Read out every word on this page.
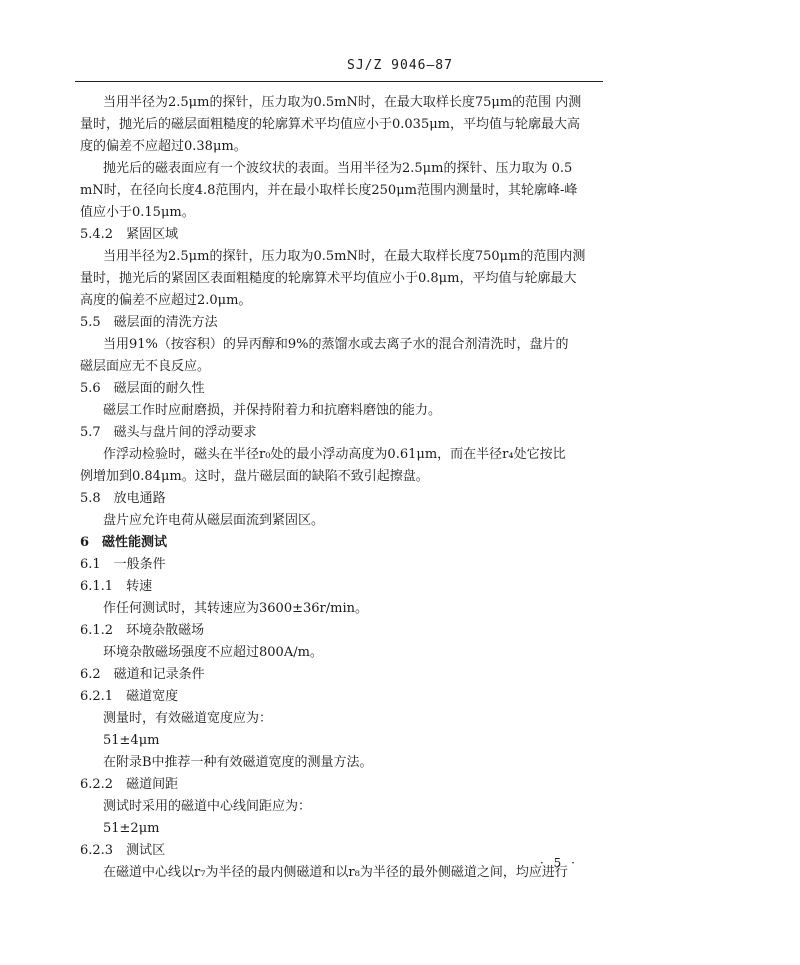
SJ/Z 9046—87
当用半径为2.5μm的探针，压力取为0.5mN时，在最大取样长度75μm的范围 内测
量时，抛光后的磁层面粗糙度的轮廓算术平均值应小于0.035μm，平均值与轮廓最大高
度的偏差不应超过0.38μm。
抛光后的磁表面应有一个波纹状的表面。当用半径为2.5μm的探针、压力取为 0.5
mN时，在径向长度4.8范围内，并在最小取样长度250μm范围内测量时，其轮廓峰-峰
值应小于0.15μm。
5.4.2　紧固区域
当用半径为2.5μm的探针，压力取为0.5mN时，在最大取样长度750μm的范围内测
量时，抛光后的紧固区表面粗糙度的轮廓算术平均值应小于0.8μm，平均值与轮廓最大
高度的偏差不应超过2.0μm。
5.5　磁层面的清洗方法
当用91%（按容积）的异丙醇和9%的蒸馏水或去离子水的混合剂清洗时，盘片的
磁层面应无不良反应。
5.6　磁层面的耐久性
磁层工作时应耐磨损，并保持附着力和抗磨料磨蚀的能力。
5.7　磁头与盘片间的浮动要求
作浮动检验时，磁头在半径r₀处的最小浮动高度为0.61μm，而在半径r₄处它按比
例增加到0.84μm。这时，盘片磁层面的缺陷不致引起擦盘。
5.8　放电通路
盘片应允许电荷从磁层面流到紧固区。
6　磁性能测试
6.1　一般条件
6.1.1　转速
作任何测试时，其转速应为3600±36r/min。
6.1.2　环境杂散磁场
环境杂散磁场强度不应超过800A/m。
6.2　磁道和记录条件
6.2.1　磁道宽度
测量时，有效磁道宽度应为：
51±4μm
在附录B中推荐一种有效磁道宽度的测量方法。
6.2.2　磁道间距
测试时采用的磁道中心线间距应为：
51±2μm
6.2.3　测试区
在磁道中心线以r₇为半径的最内侧磁道和以r₈为半径的最外侧磁道之间，均应进行
· 5 ·
